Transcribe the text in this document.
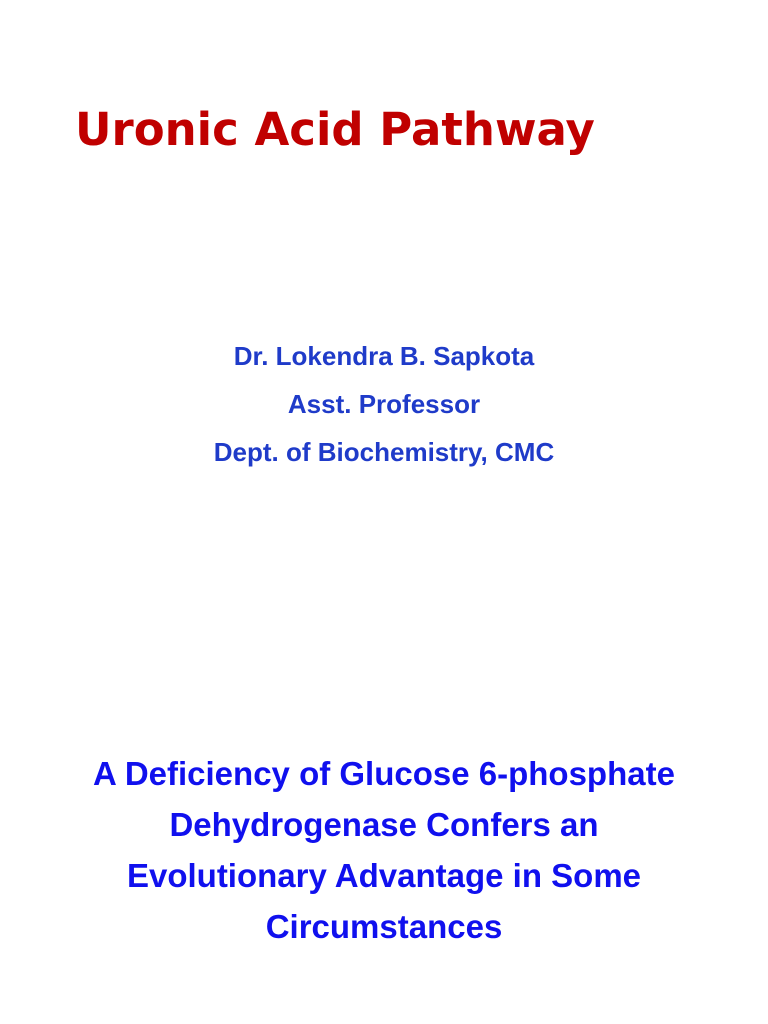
Uronic Acid Pathway
Dr. Lokendra B. Sapkota
Asst. Professor
Dept. of Biochemistry, CMC
A Deficiency of Glucose 6-phosphate
Dehydrogenase Confers an
Evolutionary Advantage in Some
Circumstances
